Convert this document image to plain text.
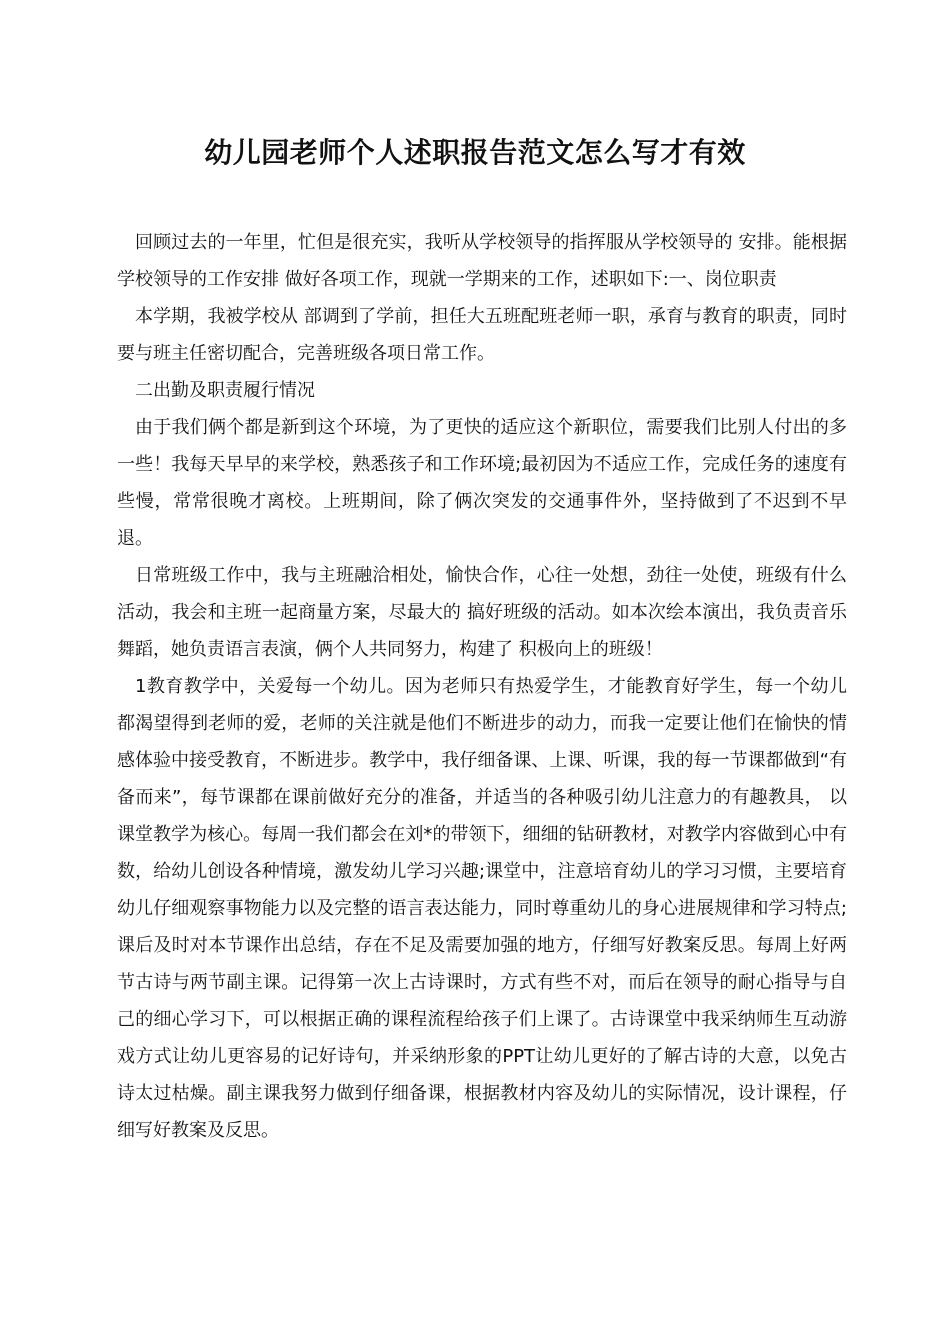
幼儿园老师个人述职报告范文怎么写才有效

回顾过去的一年里，忙但是很充实，我听从学校领导的指挥服从学校领导的 安排。能根据学校领导的工作安排 做好各项工作，现就一学期来的工作，述职如下:一、岗位职责

本学期，我被学校从 部调到了学前，担任大五班配班老师一职，承育与教育的职责，同时要与班主任密切配合，完善班级各项日常工作。

二出勤及职责履行情况

由于我们俩个都是新到这个环境，为了更快的适应这个新职位，需要我们比别人付出的多一些！我每天早早的来学校，熟悉孩子和工作环境;最初因为不适应工作，完成任务的速度有些慢，常常很晚才离校。上班期间，除了俩次突发的交通事件外，坚持做到了不迟到不早退。

日常班级工作中，我与主班融洽相处，愉快合作，心往一处想，劲往一处使，班级有什么活动，我会和主班一起商量方案，尽最大的 搞好班级的活动。如本次绘本演出，我负责音乐舞蹈，她负责语言表演，俩个人共同努力，构建了 积极向上的班级！

1教育教学中，关爱每一个幼儿。因为老师只有热爱学生，才能教育好学生，每一个幼儿都渴望得到老师的爱，老师的关注就是他们不断进步的动力，而我一定要让他们在愉快的情感体验中接受教育，不断进步。教学中，我仔细备课、上课、听课，我的每一节课都做到“有备而来”，每节课都在课前做好充分的准备，并适当的各种吸引幼儿注意力的有趣教具， 以课堂教学为核心。每周一我们都会在刘*的带领下，细细的钻研教材，对教学内容做到心中有数，给幼儿创设各种情境，激发幼儿学习兴趣;课堂中，注意培育幼儿的学习习惯，主要培育幼儿仔细观察事物能力以及完整的语言表达能力，同时尊重幼儿的身心进展规律和学习特点;课后及时对本节课作出总结，存在不足及需要加强的地方，仔细写好教案反思。每周上好两节古诗与两节副主课。记得第一次上古诗课时，方式有些不对，而后在领导的耐心指导与自己的细心学习下，可以根据正确的课程流程给孩子们上课了。古诗课堂中我采纳师生互动游戏方式让幼儿更容易的记好诗句，并采纳形象的PPT让幼儿更好的了解古诗的大意，以免古诗太过枯燥。副主课我努力做到仔细备课，根据教材内容及幼儿的实际情况，设计课程，仔细写好教案及反思。
